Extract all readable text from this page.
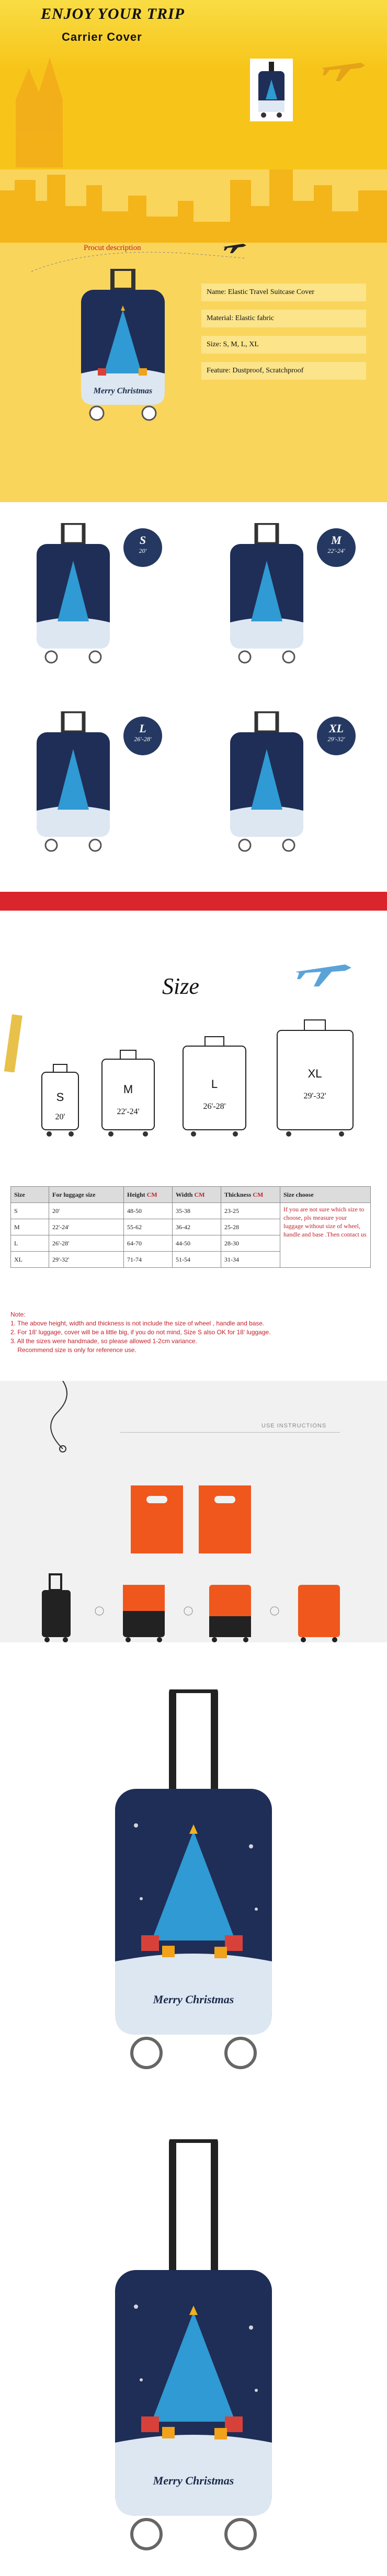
ENJOY YOUR TRIP
Carrier Cover
Procut description
Merry Christmas
Name: Elastic Travel Suitcase Cover
Material: Elastic fabric
Size: S, M, L, XL
Feature: Dustproof, Scratchproof
S
20'
M
22'-24'
L
26'-28'
XL
29'-32'
Size
S
20'
M
22'-24'
L
26'-28'
XL
29'-32'
Size	For luggage size	Height CM	Width CM	Thickness CM	Size choose
S	20'	48-50	35-38	23-25	If you are not sure which size to choose, pls measure your luggage without size of wheel, handle and base .Then contact us
M	22'-24'	55-62	36-42	25-28	
L	26'-28'	64-70	44-50	28-30	
XL	29'-32'	71-74	51-54	31-34	
Note:
1. The above height, width and thickness is not include the size of wheel , handle and base.
2. For 18' luggage, cover will be a little big, if you do not mind, Size S also OK for 18' luggage.
3. All the sizes were handmade, so please allowed 1-2cm variance.
Recommend size is only for reference use.
USE INSTRUCTIONS
Merry Christmas
Merry Christmas
